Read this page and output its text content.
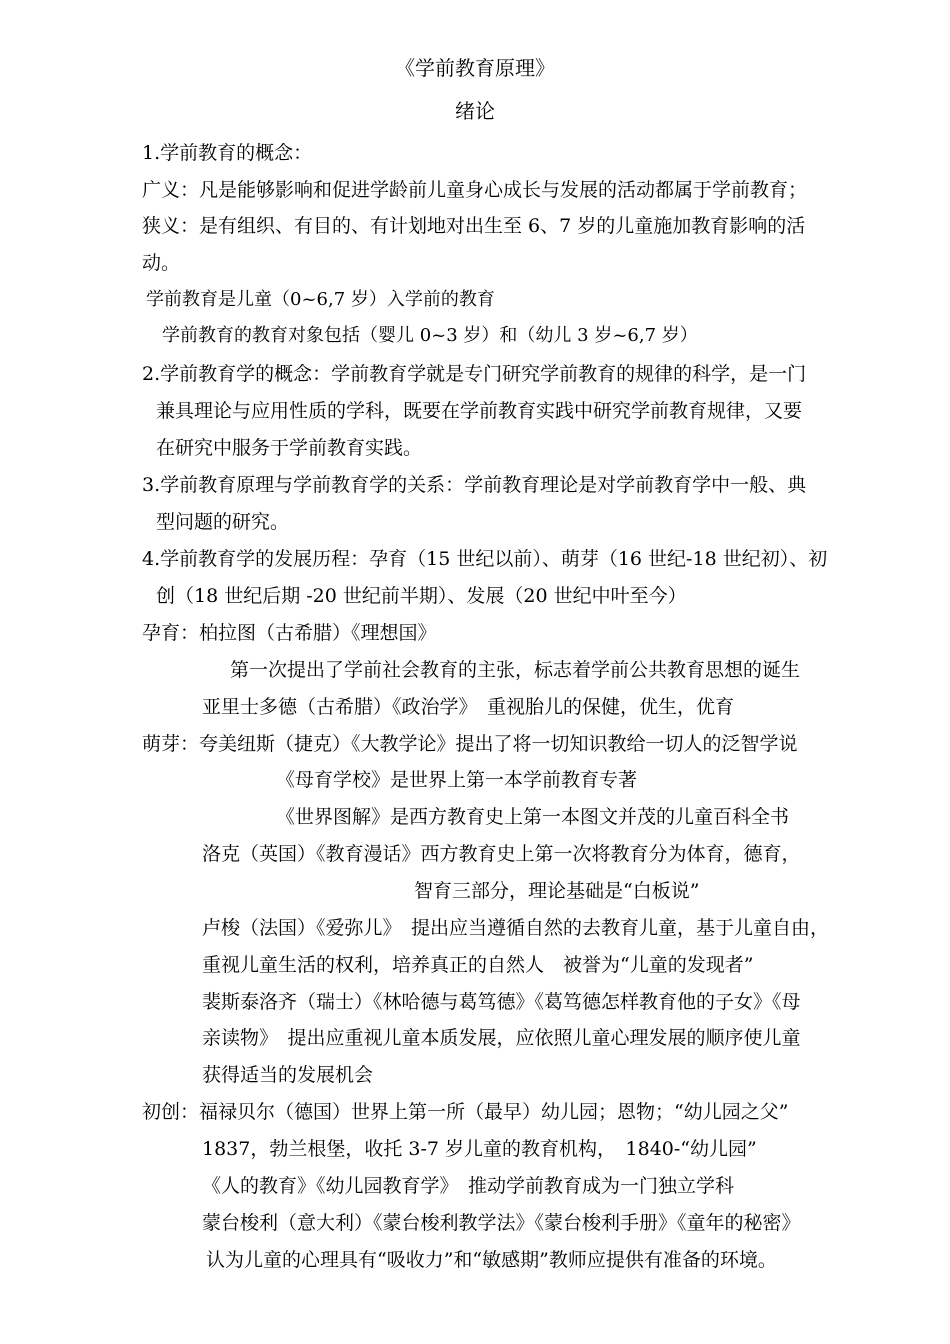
《学前教育原理》
绪论
1.学前教育的概念：
广义：凡是能够影响和促进学龄前儿童身心成长与发展的活动都属于学前教育；
狭义：是有组织、有目的、有计划地对出生至 6、7 岁的儿童施加教育影响的活
动。
学前教育是儿童（0~6,7 岁）入学前的教育
学前教育的教育对象包括（婴儿 0~3 岁）和（幼儿 3 岁~6,7 岁）
2.学前教育学的概念：学前教育学就是专门研究学前教育的规律的科学，是一门
兼具理论与应用性质的学科，既要在学前教育实践中研究学前教育规律，又要
在研究中服务于学前教育实践。
3.学前教育原理与学前教育学的关系：学前教育理论是对学前教育学中一般、典
型问题的研究。
4.学前教育学的发展历程：孕育（15 世纪以前）、萌芽（16 世纪-18 世纪初）、初
创（18 世纪后期 -20 世纪前半期）、发展（20 世纪中叶至今）
孕育：柏拉图（古希腊）《理想国》
第一次提出了学前社会教育的主张，标志着学前公共教育思想的诞生
亚里士多德（古希腊）《政治学》　重视胎儿的保健，优生，优育
萌芽：夸美纽斯（捷克）《大教学论》提出了将一切知识教给一切人的泛智学说
《母育学校》是世界上第一本学前教育专著
《世界图解》是西方教育史上第一本图文并茂的儿童百科全书
洛克（英国）《教育漫话》西方教育史上第一次将教育分为体育，德育，
智育三部分，理论基础是“白板说”
卢梭（法国）《爱弥儿》　提出应当遵循自然的去教育儿童，基于儿童自由，
重视儿童生活的权利，培养真正的自然人　被誉为“儿童的发现者”
裴斯泰洛齐（瑞士）《林哈德与葛笃德》《葛笃德怎样教育他的子女》《母
亲读物》　提出应重视儿童本质发展，应依照儿童心理发展的顺序使儿童
获得适当的发展机会
初创：福禄贝尔（德国）世界上第一所（最早）幼儿园；恩物；“幼儿园之父”
1837，勃兰根堡，收托 3-7 岁儿童的教育机构，　1840-“幼儿园”
《人的教育》《幼儿园教育学》　推动学前教育成为一门独立学科
蒙台梭利（意大利）《蒙台梭利教学法》《蒙台梭利手册》《童年的秘密》
认为儿童的心理具有“吸收力”和“敏感期”教师应提供有准备的环境。
